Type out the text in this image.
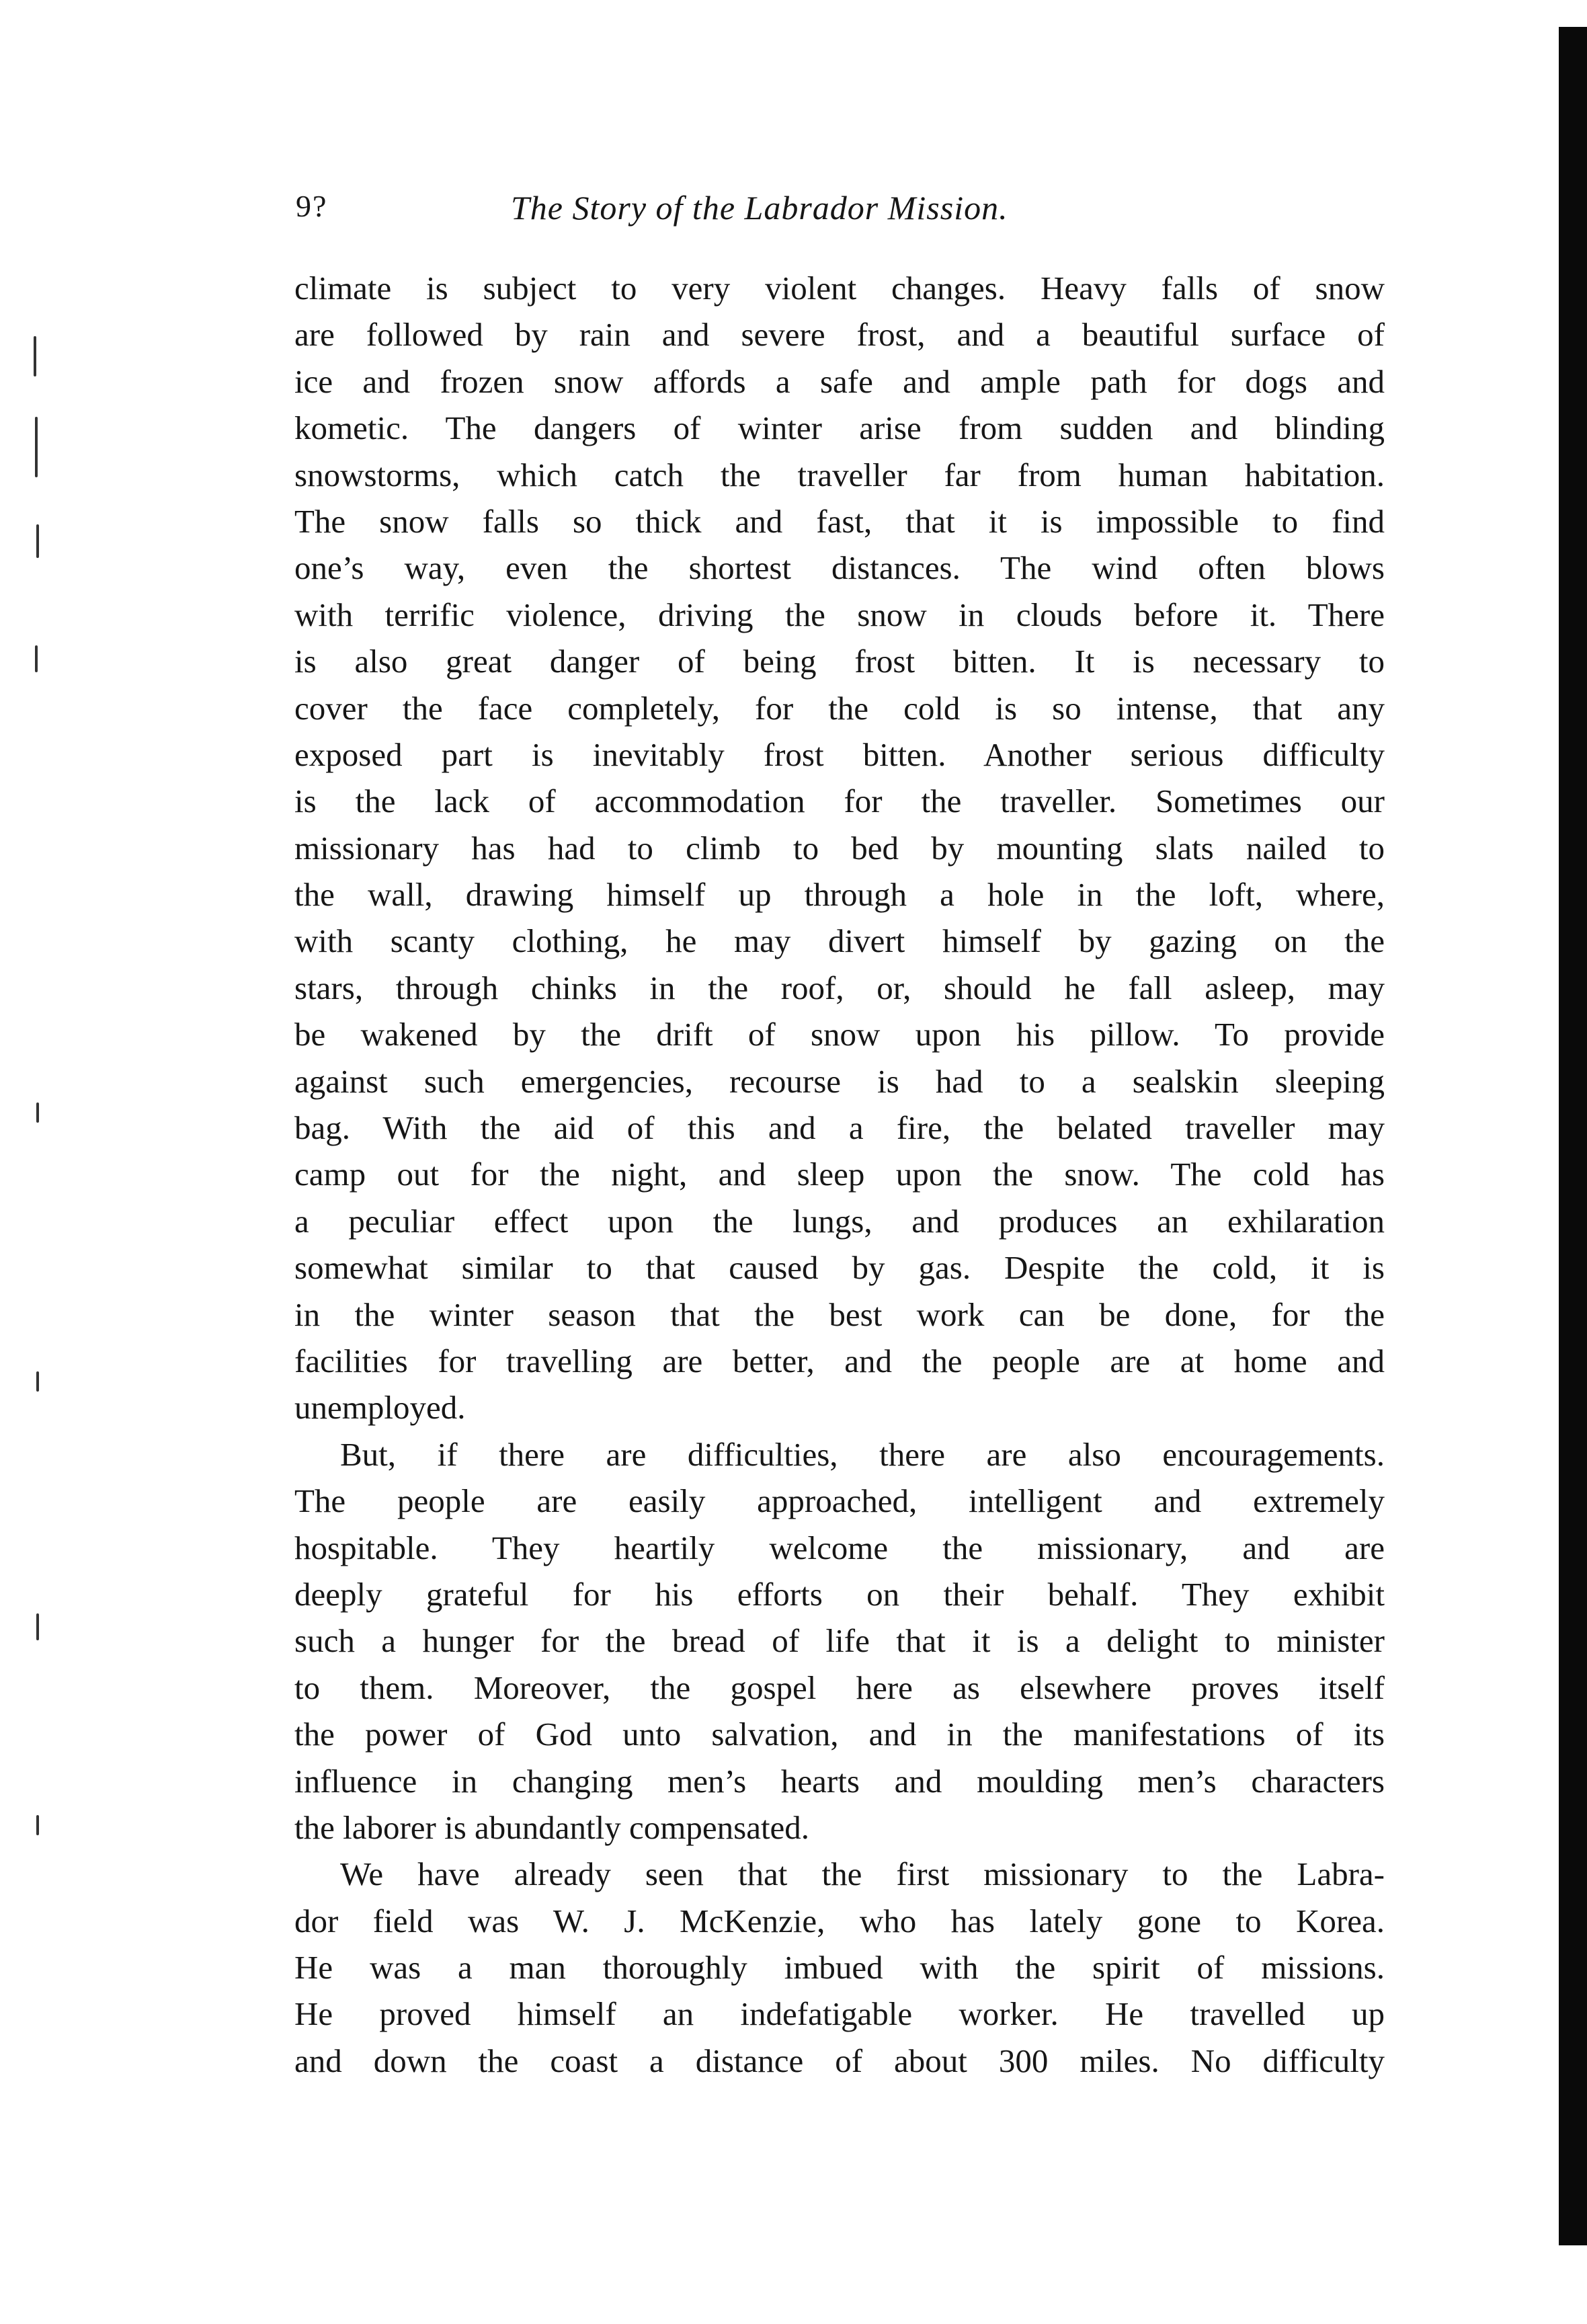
9?	The Story of the Labrador Mission.
climate is subject to very violent changes. Heavy falls of snow
are followed by rain and severe frost, and a beautiful surface of
ice and frozen snow affords a safe and ample path for dogs and
kometic. The dangers of winter arise from sudden and blinding
snowstorms, which catch the traveller far from human habitation.
The snow falls so thick and fast, that it is impossible to find
one’s way, even the shortest distances. The wind often blows
with terrific violence, driving the snow in clouds before it. There
is also great danger of being frost bitten. It is necessary to
cover the face completely, for the cold is so intense, that any
exposed part is inevitably frost bitten. Another serious difficulty
is the lack of accommodation for the traveller. Sometimes our
missionary has had to climb to bed by mounting slats nailed to
the wall, drawing himself up through a hole in the loft, where,
with scanty clothing, he may divert himself by gazing on the
stars, through chinks in the roof, or, should he fall asleep, may
be wakened by the drift of snow upon his pillow. To provide
against such emergencies, recourse is had to a sealskin sleeping
bag. With the aid of this and a fire, the belated traveller may
camp out for the night, and sleep upon the snow. The cold has
a peculiar effect upon the lungs, and produces an exhilaration
somewhat similar to that caused by gas. Despite the cold, it is
in the winter season that the best work can be done, for the
facilities for travelling are better, and the people are at home and
unemployed.
But, if there are difficulties, there are also encouragements.
The people are easily approached, intelligent and extremely
hospitable. They heartily welcome the missionary, and are
deeply grateful for his efforts on their behalf. They exhibit
such a hunger for the bread of life that it is a delight to minister
to them. Moreover, the gospel here as elsewhere proves itself
the power of God unto salvation, and in the manifestations of its
influence in changing men’s hearts and moulding men’s characters
the laborer is abundantly compensated.
We have already seen that the first missionary to the Labra-
dor field was W. J. McKenzie, who has lately gone to Korea.
He was a man thoroughly imbued with the spirit of missions.
He proved himself an indefatigable worker. He travelled up
and down the coast a distance of about 300 miles. No difficulty
